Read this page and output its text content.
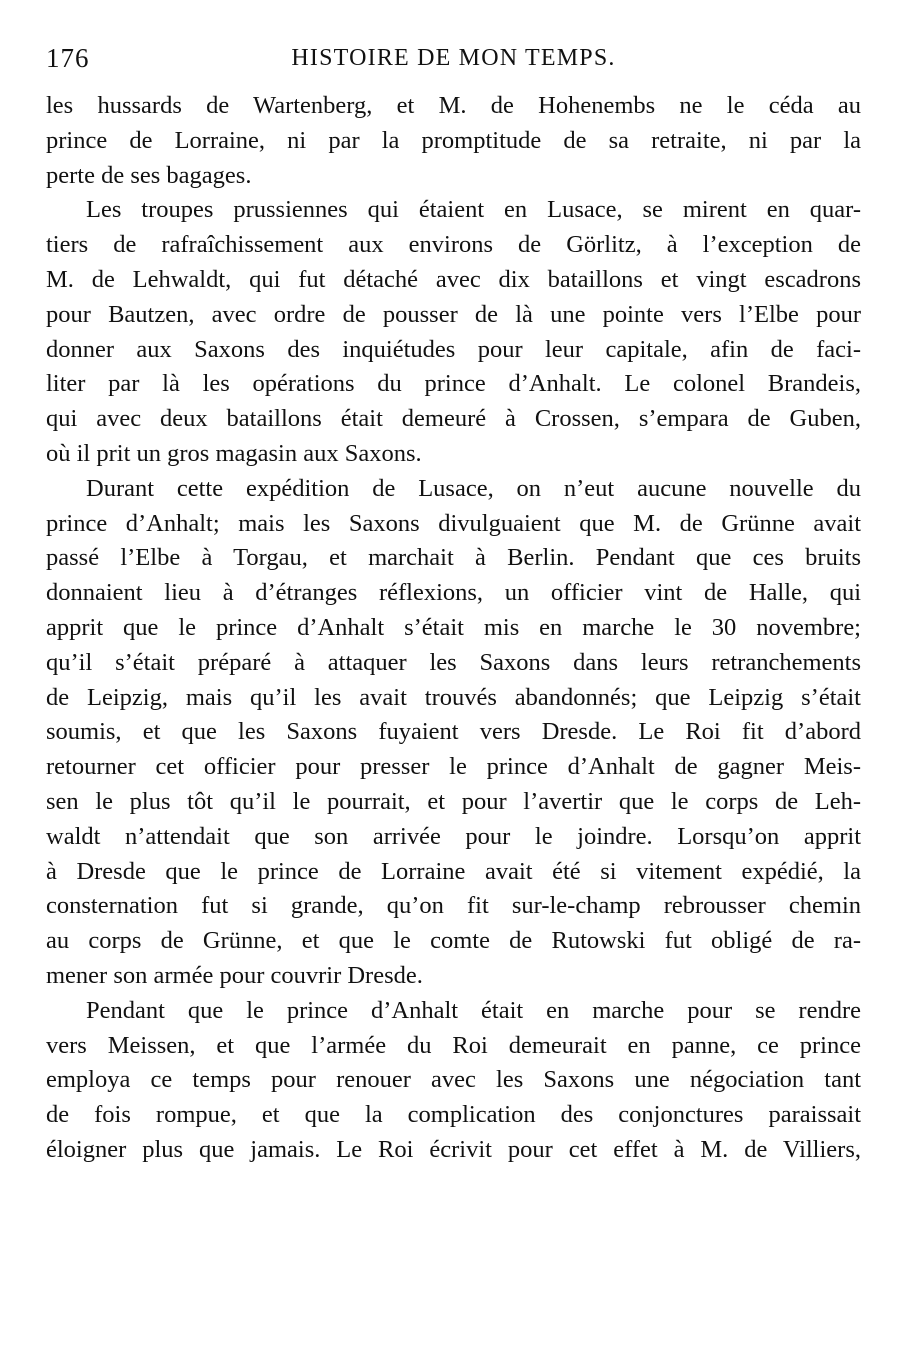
176	HISTOIRE DE MON TEMPS.

les hussards de Wartenberg, et M. de Hohenembs ne le céda au
prince de Lorraine, ni par la promptitude de sa retraite, ni par la
perte de ses bagages.

Les troupes prussiennes qui étaient en Lusace, se mirent en quar-
tiers de rafraîchissement aux environs de Görlitz, à l’exception de
M. de Lehwaldt, qui fut détaché avec dix bataillons et vingt escadrons
pour Bautzen, avec ordre de pousser de là une pointe vers l’Elbe pour
donner aux Saxons des inquiétudes pour leur capitale, afin de faci-
liter par là les opérations du prince d’Anhalt. Le colonel Brandeis,
qui avec deux bataillons était demeuré à Crossen, s’empara de Guben,
où il prit un gros magasin aux Saxons.

Durant cette expédition de Lusace, on n’eut aucune nouvelle du
prince d’Anhalt; mais les Saxons divulguaient que M. de Grünne avait
passé l’Elbe à Torgau, et marchait à Berlin. Pendant que ces bruits
donnaient lieu à d’étranges réflexions, un officier vint de Halle, qui
apprit que le prince d’Anhalt s’était mis en marche le 30 novembre;
qu’il s’était préparé à attaquer les Saxons dans leurs retranchements
de Leipzig, mais qu’il les avait trouvés abandonnés; que Leipzig s’était
soumis, et que les Saxons fuyaient vers Dresde. Le Roi fit d’abord
retourner cet officier pour presser le prince d’Anhalt de gagner Meis-
sen le plus tôt qu’il le pourrait, et pour l’avertir que le corps de Leh-
waldt n’attendait que son arrivée pour le joindre. Lorsqu’on apprit
à Dresde que le prince de Lorraine avait été si vitement expédié, la
consternation fut si grande, qu’on fit sur-le-champ rebrousser chemin
au corps de Grünne, et que le comte de Rutowski fut obligé de ra-
mener son armée pour couvrir Dresde.

Pendant que le prince d’Anhalt était en marche pour se rendre
vers Meissen, et que l’armée du Roi demeurait en panne, ce prince
employa ce temps pour renouer avec les Saxons une négociation tant
de fois rompue, et que la complication des conjonctures paraissait
éloigner plus que jamais. Le Roi écrivit pour cet effet à M. de Villiers,
